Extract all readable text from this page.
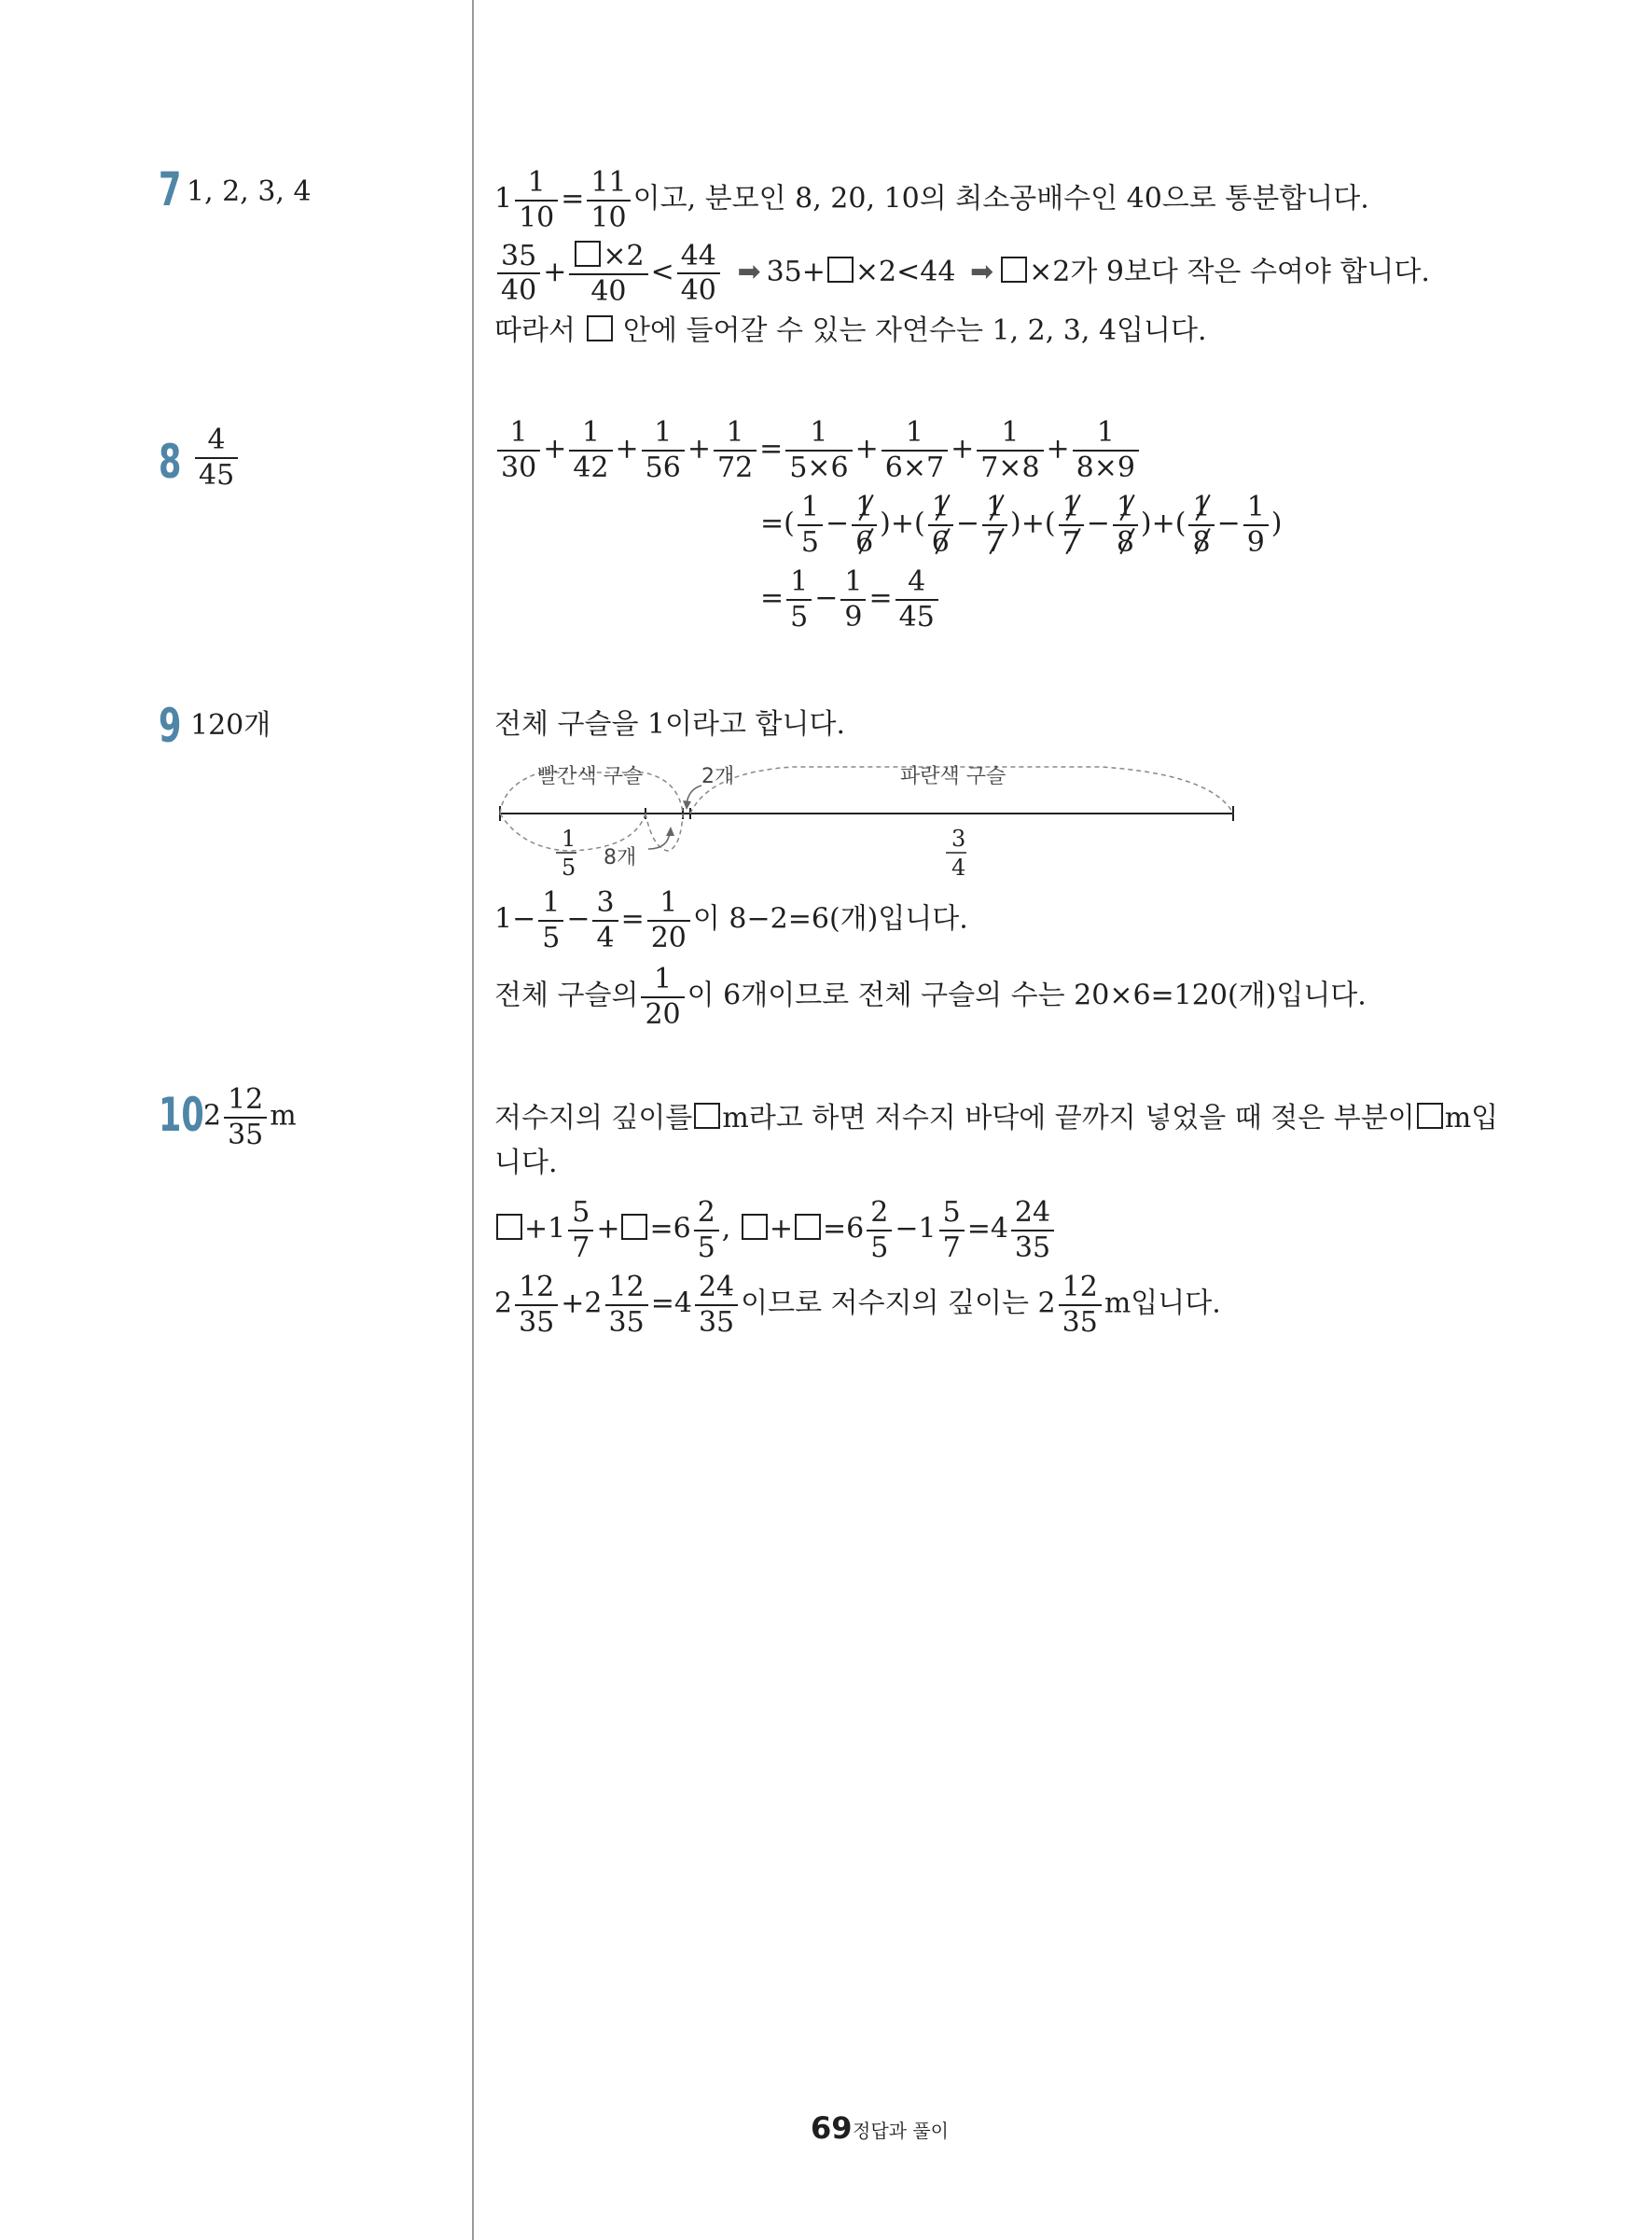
7 1, 2, 3, 4	$1 \frac{1}{10} = \frac{11}{10}$ 이고, 분모인 8, 20, 10의 최소공배수인 40으로 통분합니다.
$\frac{35}{40} + \frac{\times 2}{40} < \frac{44}{40}$ ➡ 35+ ×2<44 ➡ ×2가 9보다 작은 수여야 합니다.
따라서 안에 들어갈 수 있는 자연수는 1, 2, 3, 4입니다.
$8 \frac{4}{45}$	$\frac{1}{30} + \frac{1}{42} + \frac{1}{56} + \frac{1}{72} = \frac{1}{5\times 6} + \frac{1}{6\times 7} + \frac{1}{7\times 8} + \frac{1}{8\times 9}$
=( $\frac{1}{5} - \frac{1}{6}$ )+( $\frac{1}{6} - \frac{1}{7}$ )+( $\frac{1}{7} - \frac{1}{8}$ )+( $\frac{1}{8} - \frac{1}{9}$ )
= $\frac{1}{5} - \frac{1}{9} = \frac{4}{45}$
9 120개	전체 구슬을 1이라고 합니다.
빨간색 구슬	2개	파란색 구슬
8개
1
5
3
4
$1- \frac{1}{5} - \frac{3}{4} = \frac{1}{20}$ 이 8−2=6(개)입니다.
전체 구슬의 $\frac{1}{20}$ 이 6개이므로 전체 구슬의 수는 20×6=120(개)입니다.
10 $2 \frac{12}{35}$ m	저수지의 깊이를 m라고 하면 저수지 바닥에 끝까지 넣었을 때 젖은 부분이 m입
니다.
$+1 \frac{5}{7} + =6 \frac{2}{5}$ , + $=6 \frac{2}{5} -1 \frac{5}{7} =4 \frac{24}{35}$
$2 \frac{12}{35} +2 \frac{12}{35} =4 \frac{24}{35}$ 이므로 저수지의 깊이는 $2 \frac{12}{35}$ m입니다.
69 정답과 풀이
